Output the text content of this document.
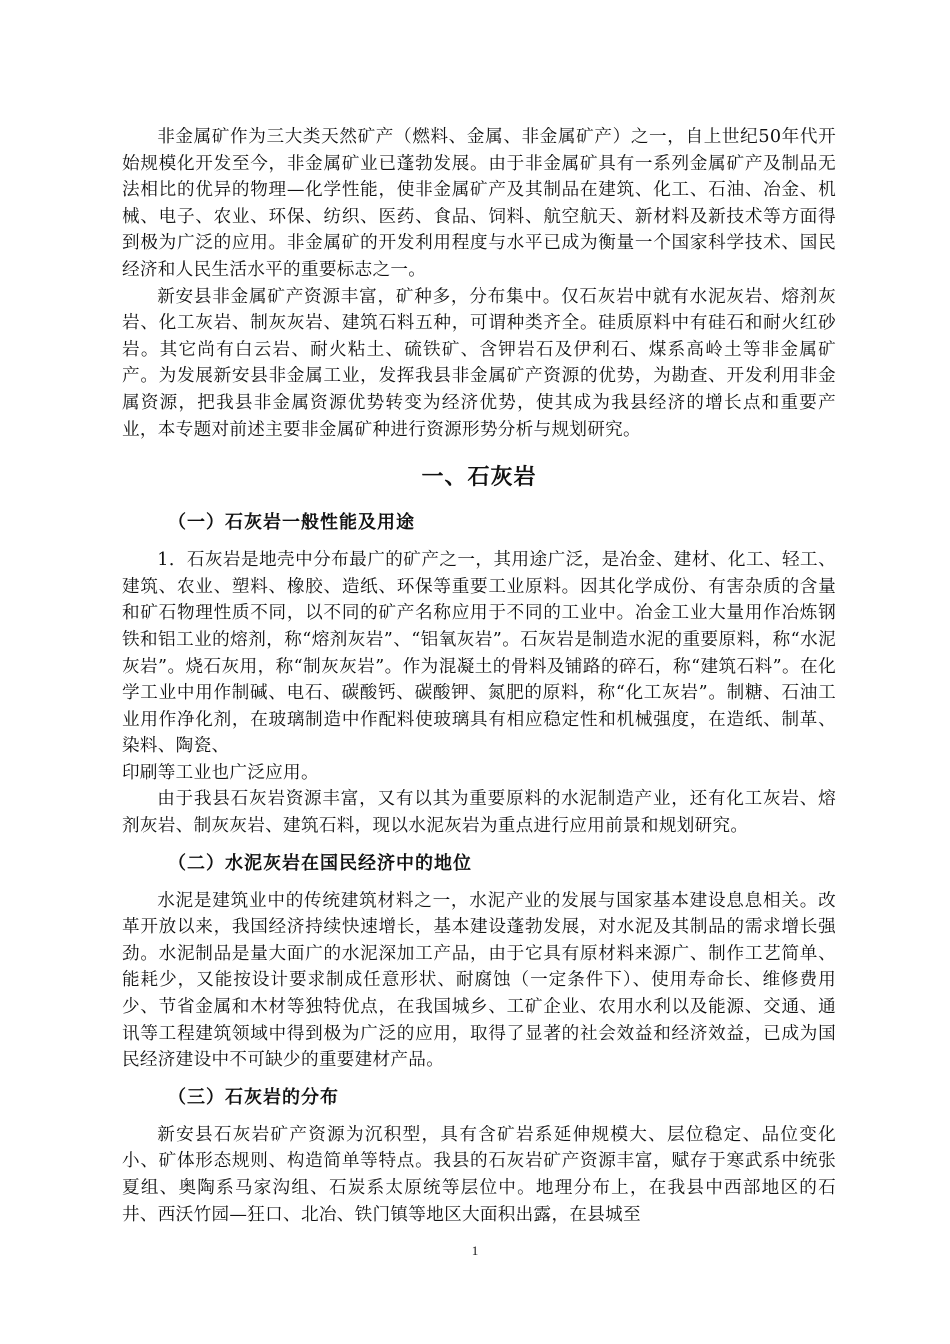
非金属矿作为三大类天然矿产（燃料、金属、非金属矿产）之一，自上世纪50年代开始规模化开发至今，非金属矿业已蓬勃发展。由于非金属矿具有一系列金属矿产及制品无法相比的优异的物理—化学性能，使非金属矿产及其制品在建筑、化工、石油、冶金、机械、电子、农业、环保、纺织、医药、食品、饲料、航空航天、新材料及新技术等方面得到极为广泛的应用。非金属矿的开发利用程度与水平已成为衡量一个国家科学技术、国民经济和人民生活水平的重要标志之一。

新安县非金属矿产资源丰富，矿种多，分布集中。仅石灰岩中就有水泥灰岩、熔剂灰岩、化工灰岩、制灰灰岩、建筑石料五种，可谓种类齐全。硅质原料中有硅石和耐火红砂岩。其它尚有白云岩、耐火粘土、硫铁矿、含钾岩石及伊利石、煤系高岭土等非金属矿产。为发展新安县非金属工业，发挥我县非金属矿产资源的优势，为勘查、开发利用非金属资源，把我县非金属资源优势转变为经济优势，使其成为我县经济的增长点和重要产业，本专题对前述主要非金属矿种进行资源形势分析与规划研究。

一、石灰岩
（一）石灰岩一般性能及用途

1．石灰岩是地壳中分布最广的矿产之一，其用途广泛，是冶金、建材、化工、轻工、建筑、农业、塑料、橡胶、造纸、环保等重要工业原料。因其化学成份、有害杂质的含量和矿石物理性质不同，以不同的矿产名称应用于不同的工业中。冶金工业大量用作冶炼钢铁和铝工业的熔剂，称“熔剂灰岩”、“铝氧灰岩”。石灰岩是制造水泥的重要原料，称“水泥灰岩”。烧石灰用，称“制灰灰岩”。作为混凝土的骨料及铺路的碎石，称“建筑石料”。在化学工业中用作制碱、电石、碳酸钙、碳酸钾、氮肥的原料，称“化工灰岩”。制糖、石油工业用作净化剂，在玻璃制造中作配料使玻璃具有相应稳定性和机械强度，在造纸、制革、染料、陶瓷、

印刷等工业也广泛应用。

由于我县石灰岩资源丰富，又有以其为重要原料的水泥制造产业，还有化工灰岩、熔剂灰岩、制灰灰岩、建筑石料，现以水泥灰岩为重点进行应用前景和规划研究。

（二）水泥灰岩在国民经济中的地位

水泥是建筑业中的传统建筑材料之一，水泥产业的发展与国家基本建设息息相关。改革开放以来，我国经济持续快速增长，基本建设蓬勃发展，对水泥及其制品的需求增长强劲。水泥制品是量大面广的水泥深加工产品，由于它具有原材料来源广、制作工艺简单、能耗少，又能按设计要求制成任意形状、耐腐蚀（一定条件下）、使用寿命长、维修费用少、节省金属和木材等独特优点，在我国城乡、工矿企业、农用水利以及能源、交通、通讯等工程建筑领域中得到极为广泛的应用，取得了显著的社会效益和经济效益，已成为国民经济建设中不可缺少的重要建材产品。

（三）石灰岩的分布

新安县石灰岩矿产资源为沉积型，具有含矿岩系延伸规模大、层位稳定、品位变化小、矿体形态规则、构造简单等特点。我县的石灰岩矿产资源丰富，赋存于寒武系中统张夏组、奥陶系马家沟组、石炭系太原统等层位中。地理分布上，在我县中西部地区的石井、西沃竹园—狂口、北冶、铁门镇等地区大面积出露，在县城至

1
